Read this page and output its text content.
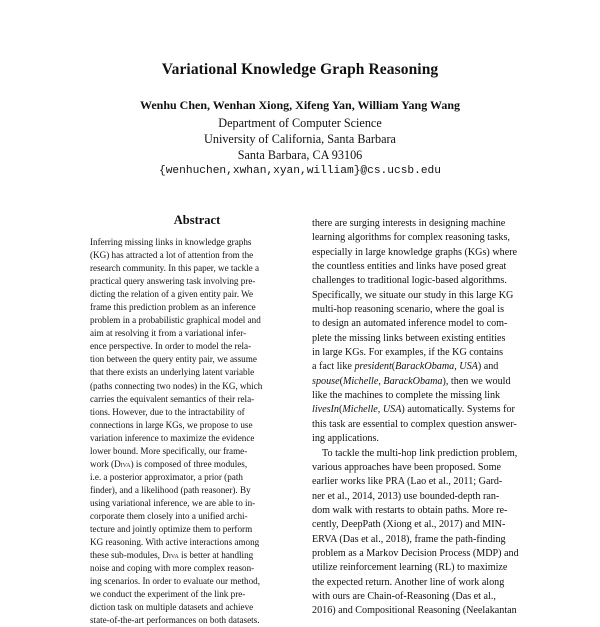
Variational Knowledge Graph Reasoning
Wenhu Chen, Wenhan Xiong, Xifeng Yan, William Yang Wang
Department of Computer Science
University of California, Santa Barbara
Santa Barbara, CA 93106
{wenhuchen,xwhan,xyan,william}@cs.ucsb.edu
Abstract
Inferring missing links in knowledge graphs
(KG) has attracted a lot of attention from the
research community. In this paper, we tackle a
practical query answering task involving pre-
dicting the relation of a given entity pair. We
frame this prediction problem as an inference
problem in a probabilistic graphical model and
aim at resolving it from a variational infer-
ence perspective. In order to model the rela-
tion between the query entity pair, we assume
that there exists an underlying latent variable
(paths connecting two nodes) in the KG, which
carries the equivalent semantics of their rela-
tions. However, due to the intractability of
connections in large KGs, we propose to use
variation inference to maximize the evidence
lower bound. More specifically, our frame-
work (Diva) is composed of three modules,
i.e. a posterior approximator, a prior (path
finder), and a likelihood (path reasoner). By
using variational inference, we are able to in-
corporate them closely into a unified archi-
tecture and jointly optimize them to perform
KG reasoning. With active interactions among
these sub-modules, Diva is better at handling
noise and coping with more complex reason-
ing scenarios. In order to evaluate our method,
we conduct the experiment of the link pre-
diction task on multiple datasets and achieve
state-of-the-art performances on both datasets.
there are surging interests in designing machine
learning algorithms for complex reasoning tasks,
especially in large knowledge graphs (KGs) where
the countless entities and links have posed great
challenges to traditional logic-based algorithms.
Specifically, we situate our study in this large KG
multi-hop reasoning scenario, where the goal is
to design an automated inference model to com-
plete the missing links between existing entities
in large KGs. For examples, if the KG contains
a fact like president(BarackObama, USA) and
spouse(Michelle, BarackObama), then we would
like the machines to complete the missing link
livesIn(Michelle, USA) automatically. Systems for
this task are essential to complex question answer-
ing applications.
To tackle the multi-hop link prediction problem,
various approaches have been proposed. Some
earlier works like PRA (Lao et al., 2011; Gard-
ner et al., 2014, 2013) use bounded-depth ran-
dom walk with restarts to obtain paths. More re-
cently, DeepPath (Xiong et al., 2017) and MIN-
ERVA (Das et al., 2018), frame the path-finding
problem as a Markov Decision Process (MDP) and
utilize reinforcement learning (RL) to maximize
the expected return. Another line of work along
with ours are Chain-of-Reasoning (Das et al.,
2016) and Compositional Reasoning (Neelakantan
